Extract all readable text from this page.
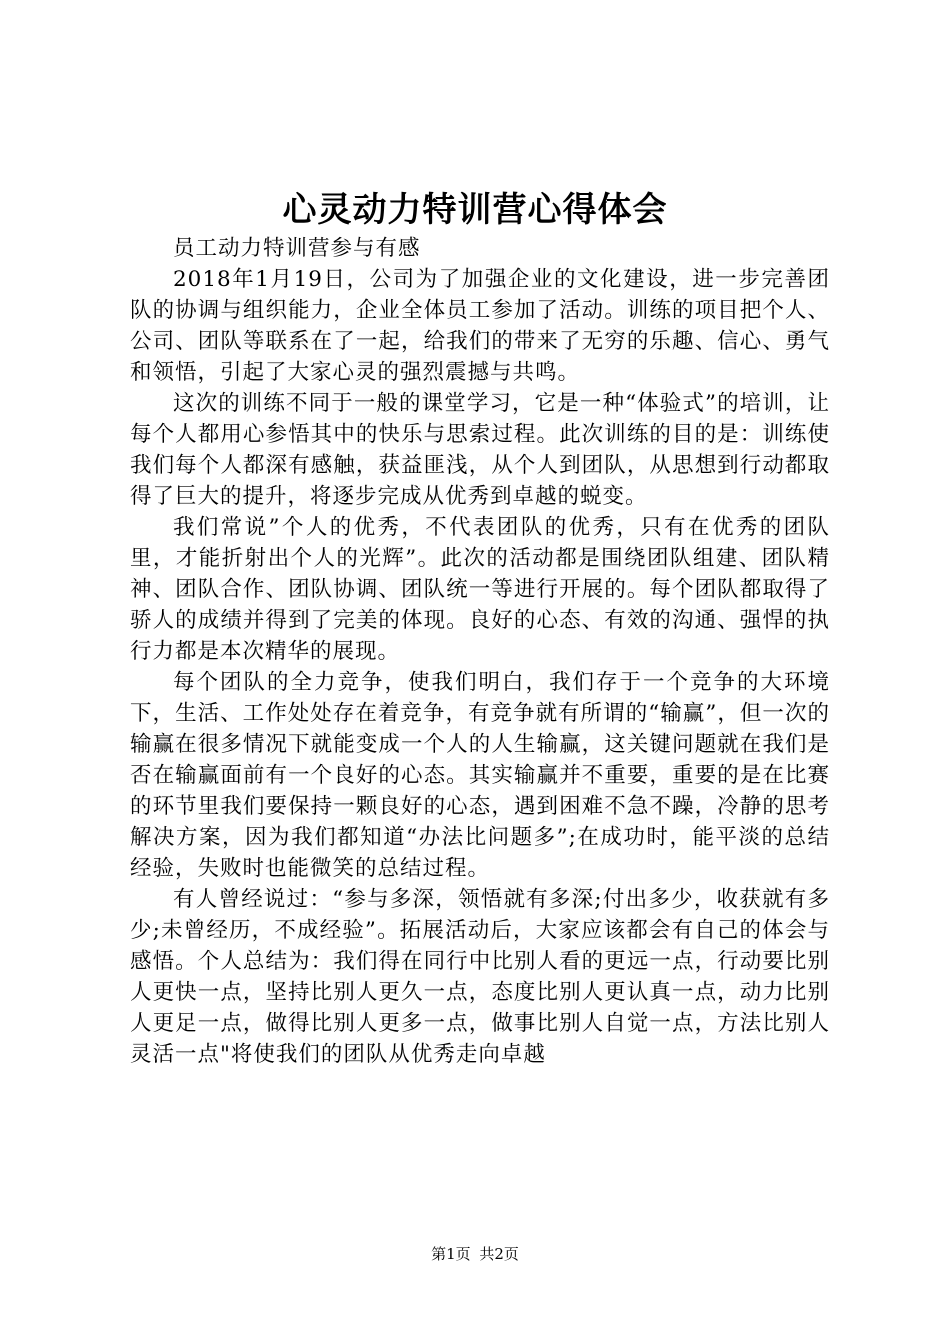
心灵动力特训营心得体会

员工动力特训营参与有感

2018年1月19日，公司为了加强企业的文化建设，进一步完善团队的协调与组织能力，企业全体员工参加了活动。训练的项目把个人、公司、团队等联系在了一起，给我们的带来了无穷的乐趣、信心、勇气和领悟，引起了大家心灵的强烈震撼与共鸣。

这次的训练不同于一般的课堂学习，它是一种“体验式”的培训，让每个人都用心参悟其中的快乐与思索过程。此次训练的目的是：训练使我们每个人都深有感触，获益匪浅，从个人到团队，从思想到行动都取得了巨大的提升，将逐步完成从优秀到卓越的蜕变。

我们常说”个人的优秀，不代表团队的优秀，只有在优秀的团队里，才能折射出个人的光辉”。此次的活动都是围绕团队组建、团队精神、团队合作、团队协调、团队统一等进行开展的。每个团队都取得了骄人的成绩并得到了完美的体现。良好的心态、有效的沟通、强悍的执行力都是本次精华的展现。

每个团队的全力竞争，使我们明白，我们存于一个竞争的大环境下，生活、工作处处存在着竞争，有竞争就有所谓的“输赢”，但一次的输赢在很多情况下就能变成一个人的人生输赢，这关键问题就在我们是否在输赢面前有一个良好的心态。其实输赢并不重要，重要的是在比赛的环节里我们要保持一颗良好的心态，遇到困难不急不躁，冷静的思考解决方案，因为我们都知道“办法比问题多”;在成功时，能平淡的总结经验，失败时也能微笑的总结过程。

有人曾经说过：“参与多深，领悟就有多深;付出多少，收获就有多少;未曾经历，不成经验”。拓展活动后，大家应该都会有自己的体会与感悟。个人总结为：我们得在同行中比别人看的更远一点，行动要比别人更快一点，坚持比别人更久一点，态度比别人更认真一点，动力比别人更足一点，做得比别人更多一点，做事比别人自觉一点，方法比别人灵活一点"将使我们的团队从优秀走向卓越

第1页 共2页
